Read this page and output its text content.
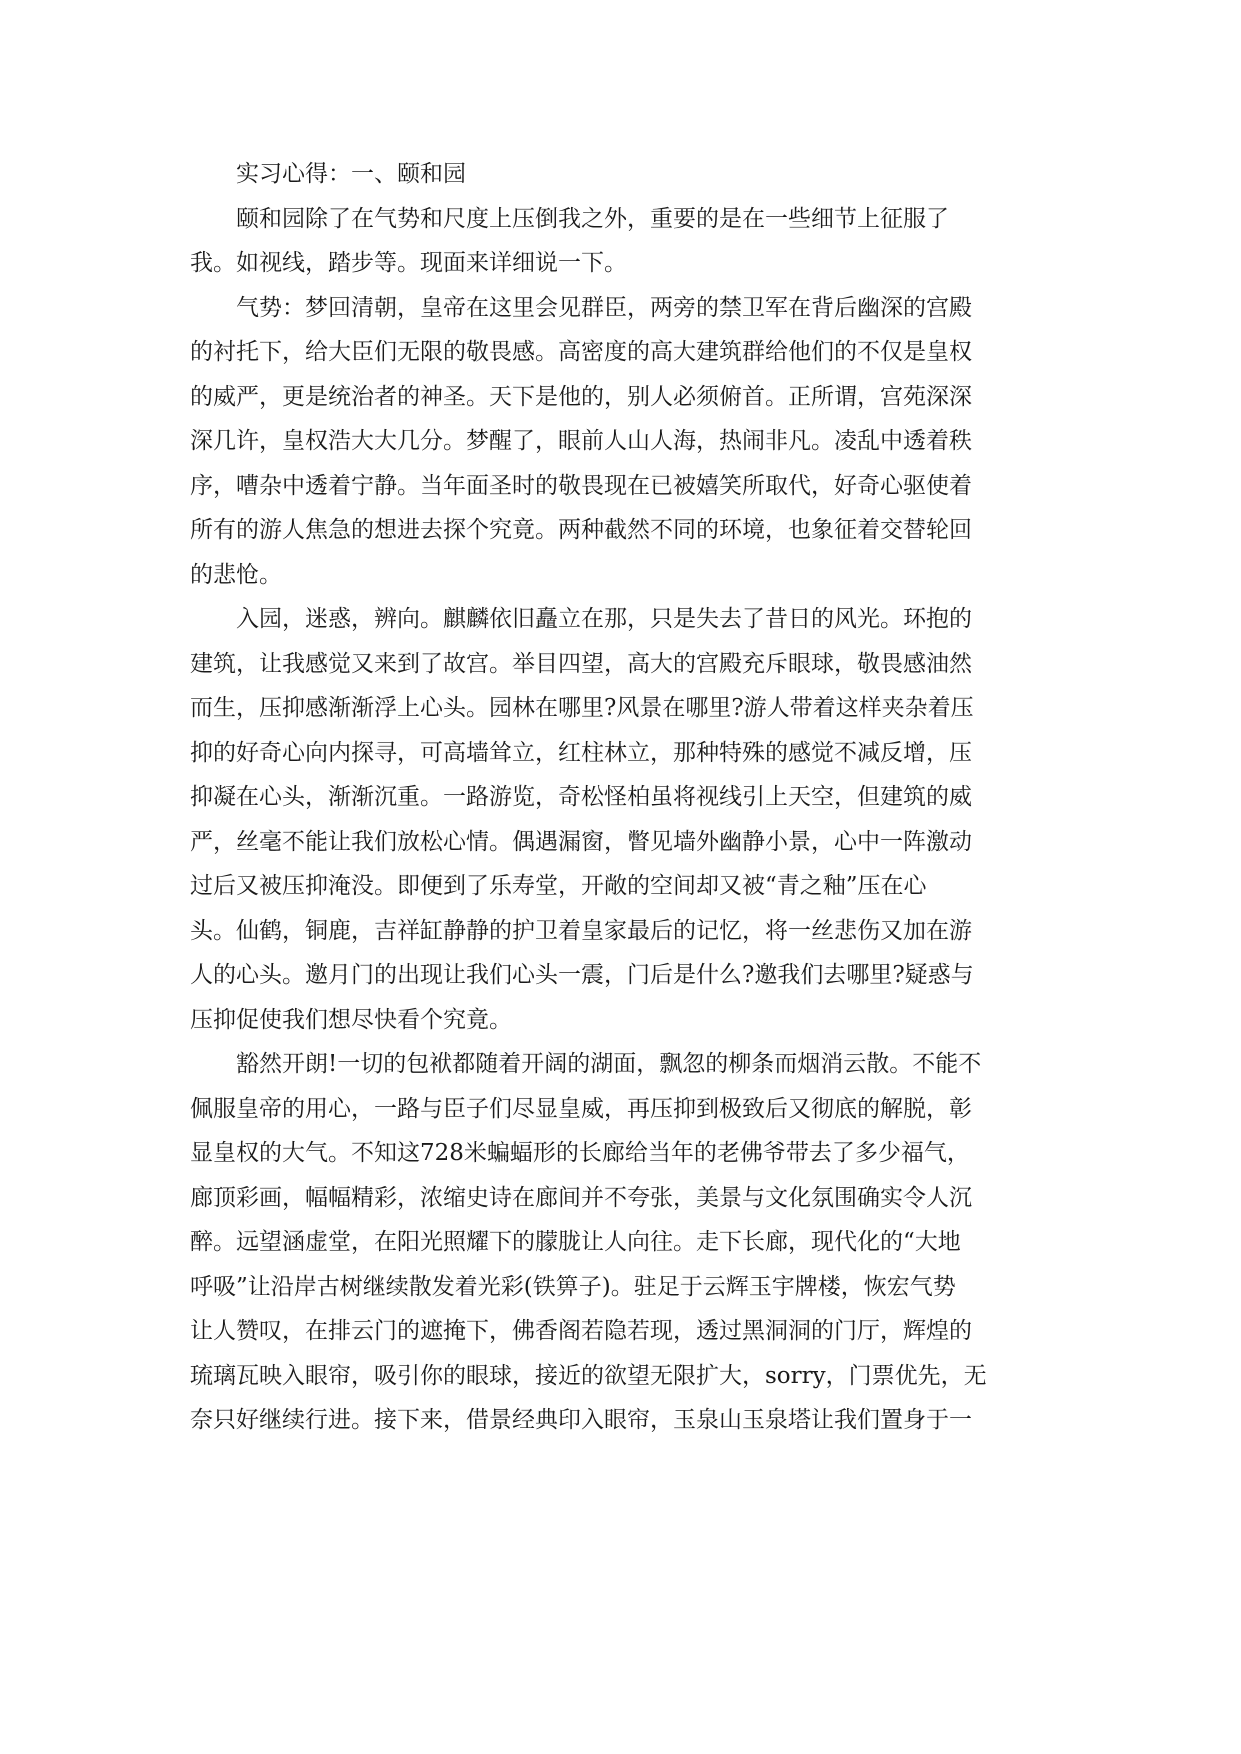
实习心得：一、颐和园
颐和园除了在气势和尺度上压倒我之外，重要的是在一些细节上征服了
我。如视线，踏步等。现面来详细说一下。
气势：梦回清朝，皇帝在这里会见群臣，两旁的禁卫军在背后幽深的宫殿
的衬托下，给大臣们无限的敬畏感。高密度的高大建筑群给他们的不仅是皇权
的威严，更是统治者的神圣。天下是他的，别人必须俯首。正所谓，宫苑深深
深几许，皇权浩大大几分。梦醒了，眼前人山人海，热闹非凡。凌乱中透着秩
序，嘈杂中透着宁静。当年面圣时的敬畏现在已被嬉笑所取代，好奇心驱使着
所有的游人焦急的想进去探个究竟。两种截然不同的环境，也象征着交替轮回
的悲怆。
入园，迷惑，辨向。麒麟依旧矗立在那，只是失去了昔日的风光。环抱的
建筑，让我感觉又来到了故宫。举目四望，高大的宫殿充斥眼球，敬畏感油然
而生，压抑感渐渐浮上心头。园林在哪里?风景在哪里?游人带着这样夹杂着压
抑的好奇心向内探寻，可高墙耸立，红柱林立，那种特殊的感觉不减反增，压
抑凝在心头，渐渐沉重。一路游览，奇松怪柏虽将视线引上天空，但建筑的威
严，丝毫不能让我们放松心情。偶遇漏窗，瞥见墙外幽静小景，心中一阵激动
过后又被压抑淹没。即便到了乐寿堂，开敞的空间却又被“青之釉”压在心
头。仙鹤，铜鹿，吉祥缸静静的护卫着皇家最后的记忆，将一丝悲伤又加在游
人的心头。邀月门的出现让我们心头一震，门后是什么?邀我们去哪里?疑惑与
压抑促使我们想尽快看个究竟。
豁然开朗!一切的包袱都随着开阔的湖面，飘忽的柳条而烟消云散。不能不
佩服皇帝的用心，一路与臣子们尽显皇威，再压抑到极致后又彻底的解脱，彰
显皇权的大气。不知这728米蝙蝠形的长廊给当年的老佛爷带去了多少福气，
廊顶彩画，幅幅精彩，浓缩史诗在廊间并不夸张，美景与文化氛围确实令人沉
醉。远望涵虚堂，在阳光照耀下的朦胧让人向往。走下长廊，现代化的“大地
呼吸”让沿岸古树继续散发着光彩(铁箅子)。驻足于云辉玉宇牌楼，恢宏气势
让人赞叹，在排云门的遮掩下，佛香阁若隐若现，透过黑洞洞的门厅，辉煌的
琉璃瓦映入眼帘，吸引你的眼球，接近的欲望无限扩大，sorry，门票优先，无
奈只好继续行进。接下来，借景经典印入眼帘，玉泉山玉泉塔让我们置身于一
